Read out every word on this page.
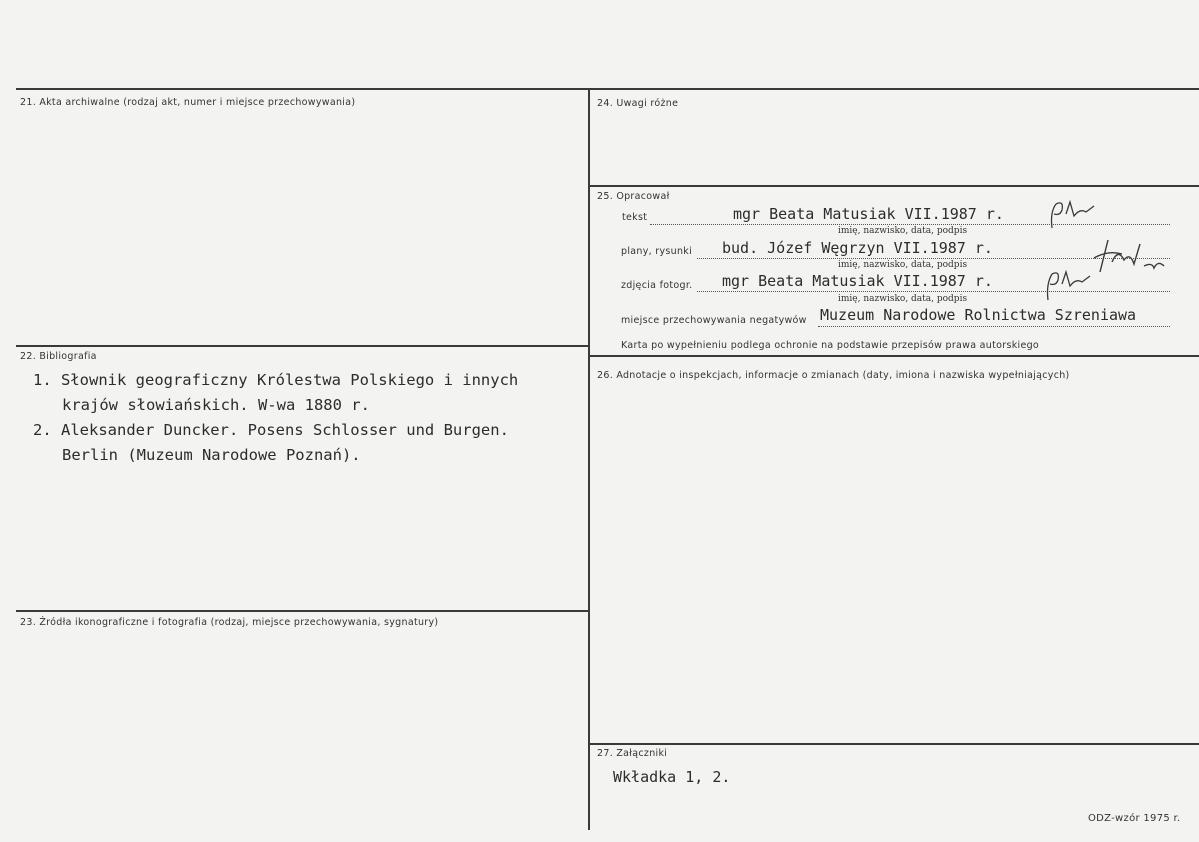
21. Akta archiwalne (rodzaj akt, numer i miejsce przechowywania)
22. Bibliografia
1. Słownik geograficzny Królestwa Polskiego i innych
krajów słowiańskich. W-wa 1880 r.
2. Aleksander Duncker. Posens Schlosser und Burgen.
Berlin (Muzeum Narodowe Poznań).
23. Źródła ikonograficzne i fotografia (rodzaj, miejsce przechowywania, sygnatury)
24. Uwagi różne
25. Opracował
tekst	mgr Beata Matusiak VII.1987 r.
imię, nazwisko, data, podpis
plany, rysunki bud. Józef Węgrzyn VII.1987 r.
imię, nazwisko, data, podpis
zdjęcia fotogr. mgr Beata Matusiak VII.1987 r.
imię, nazwisko, data, podpis
miejsce przechowywania negatywów Muzeum Narodowe Rolnictwa Szreniawa
Karta po wypełnieniu podlega ochronie na podstawie przepisów prawa autorskiego
26. Adnotacje o inspekcjach, informacje o zmianach (daty, imiona i nazwiska wypełniających)
27. Załączniki
Wkładka 1, 2.
ODZ-wzór 1975 r.
